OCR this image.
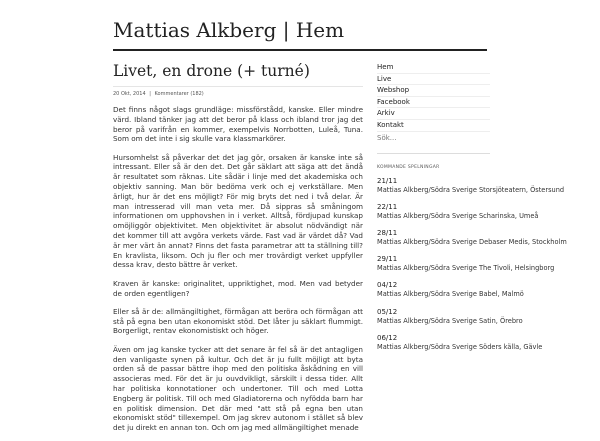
Mattias Alkberg | Hem
Livet, en drone (+ turné)
20 Okt, 2014 | Kommentarer (182)

Det finns något slags grundläge: missförstådd, kanske. Eller mindre värd. Ibland tänker jag att det beror på klass och ibland tror jag det beror på varifrån en kommer, exempelvis Norrbotten, Luleå, Tuna. Som om det inte i sig skulle vara klassmarkörer.

Hursomhelst så påverkar det det jag gör, orsaken är kanske inte så intressant. Eller så är den det. Det går säklart att säga att det ändå är resultatet som räknas. Lite sådär i linje med det akademiska och objektiv sanning. Man bör bedöma verk och ej verkställare. Men ärligt, hur är det ens möjligt? För mig bryts det ned i två delar. Är man intresserad vill man veta mer. Då sippras så småningom informationen om upphovshen in i verket. Alltså, fördjupad kunskap omöjliggör objektivitet. Men objektivitet är absolut nödvändigt när det kommer till att avgöra verkets värde. Fast vad är värdet då? Vad är mer värt än annat? Finns det fasta parametrar att ta ställning till? En kravlista, liksom. Och ju fler och mer trovärdigt verket uppfyller dessa krav, desto bättre är verket.

Kraven är kanske: originalitet, uppriktighet, mod. Men vad betyder de orden egentligen?

Eller så är de: allmängiltighet, förmågan att beröra och förmågan att stå på egna ben utan ekonomiskt stöd. Det låter ju säklart flummigt. Borgerligt, rentav ekonomistiskt och höger.

Även om jag kanske tycker att det senare är fel så är det antagligen den vanligaste synen på kultur. Och det är ju fullt möjligt att byta orden så de passar bättre ihop med den politiska åskådning en vill associeras med. För det är ju ouvdvikligt, särskilt i dessa tider. Allt har politiska konnotationer och undertoner. Till och med Lotta Engberg är politisk. Till och med Gladiatorerna och nyfödda barn har en politisk dimension. Det där med "att stå på egna ben utan ekonomiskt stöd" tillexempel. Om jag skrev autonom i stället så blev det ju direkt en annan ton. Och om jag med allmängiltighet menade

Hem
Live
Webshop
Facebook
Arkiv
Kontakt
Sök...
KOMMANDE SPELNINGAR
21/11
Mattias Alkberg/Södra Sverige Storsjöteatern, Östersund
22/11
Mattias Alkberg/Södra Sverige Scharinska, Umeå
28/11
Mattias Alkberg/Södra Sverige Debaser Medis, Stockholm
29/11
Mattias Alkberg/Södra Sverige The Tivoli, Helsingborg
04/12
Mattias Alkberg/Södra Sverige Babel, Malmö
05/12
Mattias Alkberg/Södra Sverige Satin, Örebro
06/12
Mattias Alkberg/Södra Sverige Söders källa, Gävle
